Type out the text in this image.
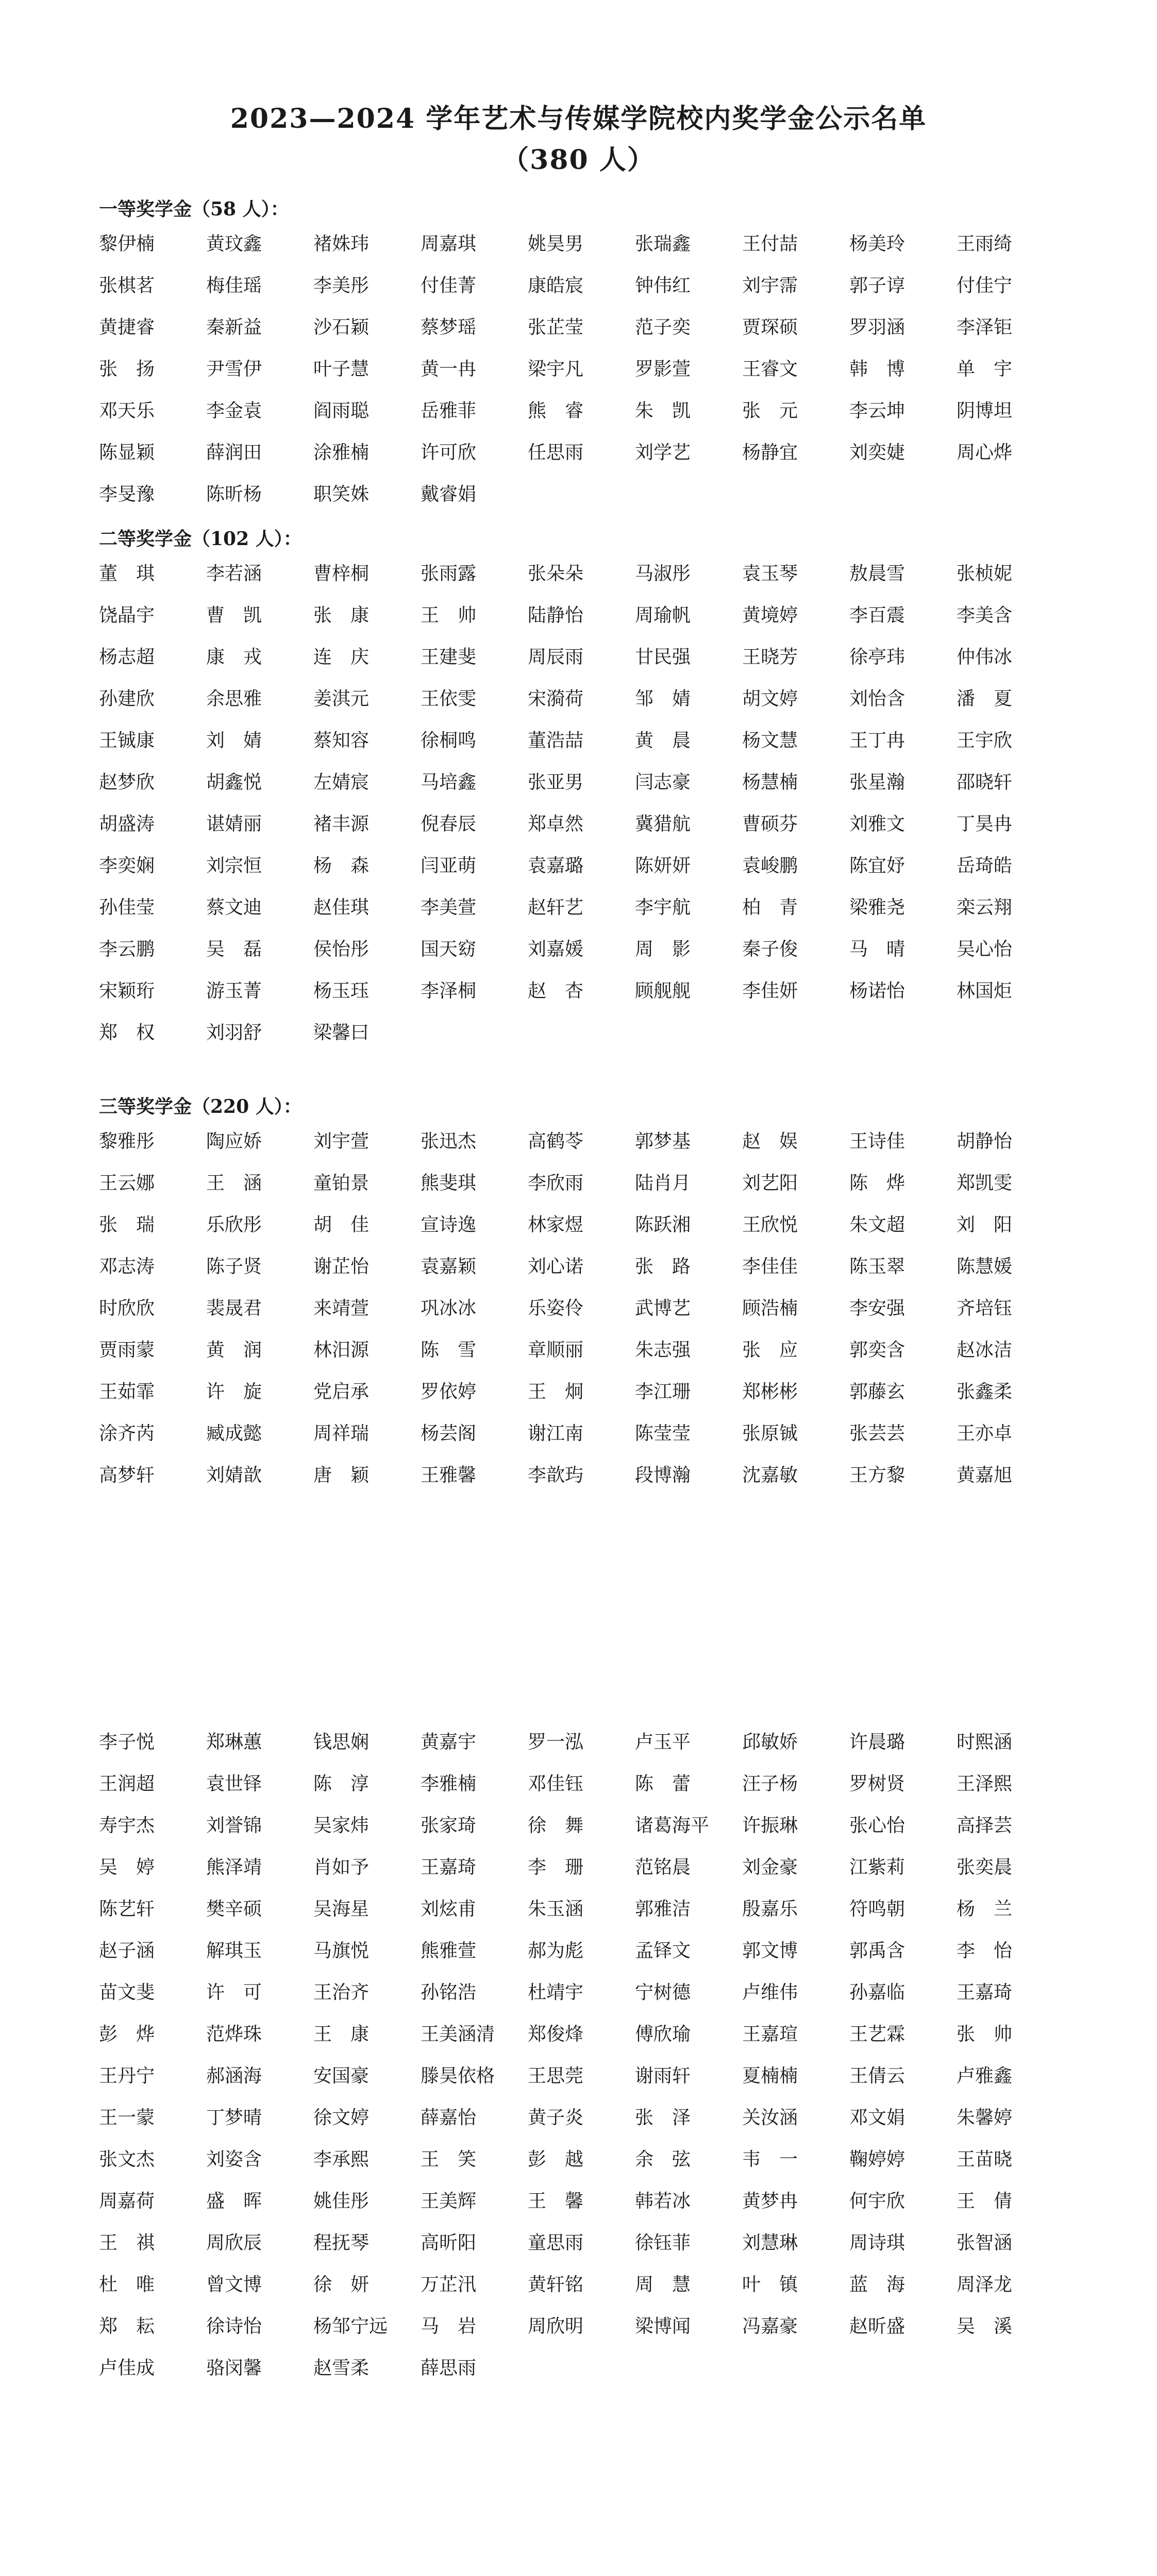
2023—2024 学年艺术与传媒学院校内奖学金公示名单
（380 人）
一等奖学金（58 人）：
黎伊楠	黄玟鑫	褚姝玮	周嘉琪	姚昊男	张瑞鑫	王付喆	杨美玲	王雨绮
张棋茗	梅佳瑶	李美彤	付佳菁	康皓宸	钟伟红	刘宇霈	郭子谆	付佳宁
黄捷睿	秦新益	沙石颖	蔡梦瑶	张芷莹	范子奕	贾琛硕	罗羽涵	李泽钜
张　扬	尹雪伊	叶子慧	黄一冉	梁宇凡	罗影萱	王睿文	韩　博	单　宇
邓天乐	李金袁	阎雨聪	岳雅菲	熊　睿	朱　凯	张　元	李云坤	阴博坦
陈显颖	薛润田	涂雅楠	许可欣	任思雨	刘学艺	杨静宜	刘奕婕	周心烨
李旻豫	陈昕杨	职笑姝	戴睿娟
二等奖学金（102 人）：
董　琪	李若涵	曹梓桐	张雨露	张朵朵	马淑彤	袁玉琴	敖晨雪	张桢妮
饶晶宇	曹　凯	张　康	王　帅	陆静怡	周瑜帆	黄境婷	李百震	李美含
杨志超	康　戎	连　庆	王建斐	周辰雨	甘民强	王晓芳	徐亭玮	仲伟冰
孙建欣	余思雅	姜淇元	王依雯	宋漪荷	邹　婧	胡文婷	刘怡含	潘　夏
王铖康	刘　婧	蔡知容	徐桐鸣	董浩喆	黄　晨	杨文慧	王丁冉	王宇欣
赵梦欣	胡鑫悦	左婧宸	马培鑫	张亚男	闫志豪	杨慧楠	张星瀚	邵晓轩
胡盛涛	谌婧丽	褚丰源	倪春辰	郑卓然	冀猎航	曹硕芬	刘雅文	丁昊冉
李奕娴	刘宗恒	杨　森	闫亚萌	袁嘉璐	陈妍妍	袁峻鹏	陈宜妤	岳琦皓
孙佳莹	蔡文迪	赵佳琪	李美萱	赵轩艺	李宇航	柏　青	梁雅尧	栾云翔
李云鹏	吴　磊	侯怡彤	国天窈	刘嘉媛	周　影	秦子俊	马　晴	吴心怡
宋颖珩	游玉菁	杨玉珏	李泽桐	赵　杏	顾舰舰	李佳妍	杨诺怡	林国炬
郑　权	刘羽舒	梁馨曰
三等奖学金（220 人）：
黎雅彤	陶应娇	刘宇萱	张迅杰	高鹤苓	郭梦基	赵　娱	王诗佳	胡静怡
王云娜	王　涵	童铂景	熊斐琪	李欣雨	陆肖月	刘艺阳	陈　烨	郑凯雯
张　瑞	乐欣彤	胡　佳	宣诗逸	林家煜	陈跃湘	王欣悦	朱文超	刘　阳
邓志涛	陈子贤	谢芷怡	袁嘉颖	刘心诺	张　路	李佳佳	陈玉翠	陈慧媛
时欣欣	裴晟君	来靖萱	巩冰冰	乐姿伶	武博艺	顾浩楠	李安强	齐培钰
贾雨蒙	黄　润	林汨源	陈　雪	章顺丽	朱志强	张　应	郭奕含	赵冰洁
王茹霏	许　旋	党启承	罗依婷	王　炯	李江珊	郑彬彬	郭藤玄	张鑫柔
涂齐芮	臧成懿	周祥瑞	杨芸阁	谢江南	陈莹莹	张原铖	张芸芸	王亦卓
高梦轩	刘婧歆	唐　颖	王雅馨	李歆玙	段博瀚	沈嘉敏	王方黎	黄嘉旭
李子悦	郑琳蕙	钱思娴	黄嘉宇	罗一泓	卢玉平	邱敏娇	许晨璐	时熙涵
王润超	袁世铎	陈　淳	李雅楠	邓佳钰	陈　蕾	汪子杨	罗树贤	王泽熙
寿宇杰	刘誉锦	吴家炜	张家琦	徐　舞	诸葛海平	许振琳	张心怡	高择芸
吴　婷	熊泽靖	肖如予	王嘉琦	李　珊	范铭晨	刘金豪	江紫莉	张奕晨
陈艺轩	樊辛硕	吴海星	刘炫甫	朱玉涵	郭雅洁	殷嘉乐	符鸣朝	杨　兰
赵子涵	解琪玉	马旗悦	熊雅萱	郝为彪	孟铎文	郭文博	郭禹含	李　怡
苗文斐	许　可	王治齐	孙铭浩	杜靖宇	宁树德	卢维伟	孙嘉临	王嘉琦
彭　烨	范烨珠	王　康	王美涵清	郑俊烽	傅欣瑜	王嘉瑄	王艺霖	张　帅
王丹宁	郝涵海	安国豪	滕昊依格	王思莞	谢雨轩	夏楠楠	王倩云	卢雅鑫
王一蒙	丁梦晴	徐文婷	薛嘉怡	黄子炎	张　泽	关汝涵	邓文娟	朱馨婷
张文杰	刘姿含	李承熙	王　笑	彭　越	余　弦	韦　一	鞠婷婷	王苗晓
周嘉荷	盛　晖	姚佳彤	王美辉	王　馨	韩若冰	黄梦冉	何宇欣	王　倩
王　祺	周欣辰	程抚琴	高昕阳	童思雨	徐钰菲	刘慧琳	周诗琪	张智涵
杜　唯	曾文博	徐　妍	万芷汛	黄轩铭	周　慧	叶　镇	蓝　海	周泽龙
郑　耘	徐诗怡	杨邹宁远	马　岩	周欣明	梁博闻	冯嘉豪	赵昕盛	吴　溪
卢佳成	骆闵馨	赵雪柔	薛思雨
